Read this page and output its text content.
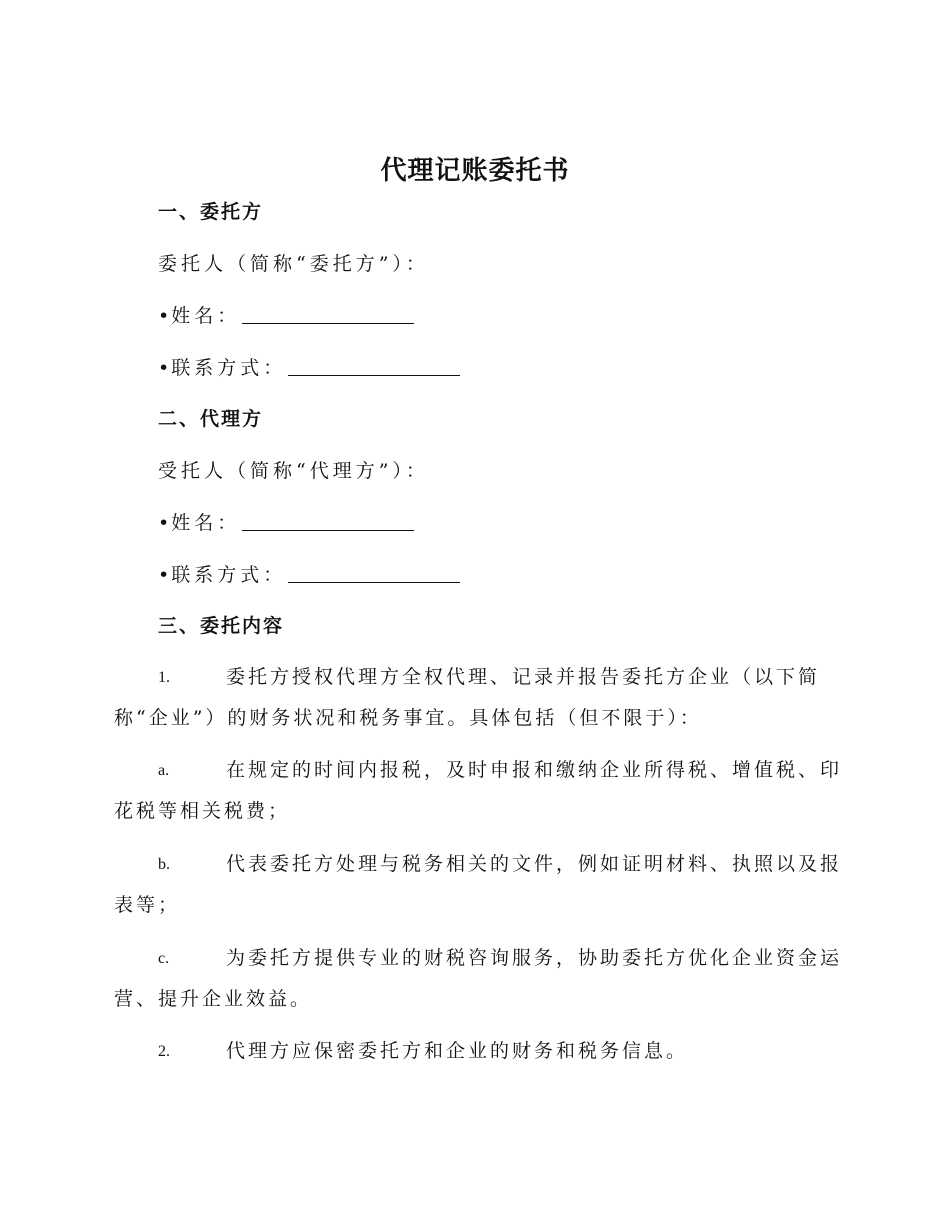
代理记账委托书
一、委托方
委托人（简称“委托方”）：
• 姓名：
• 联系方式：
二、代理方
受托人（简称“代理方”）：
• 姓名：
• 联系方式：
三、委托内容
1.	委托方授权代理方全权代理、记录并报告委托方企业（以下简
称“企业”）的财务状况和税务事宜。具体包括（但不限于）：
a.	在规定的时间内报税，及时申报和缴纳企业所得税、增值税、印
花税等相关税费；
b.	代表委托方处理与税务相关的文件，例如证明材料、执照以及报
表等；
c.	为委托方提供专业的财税咨询服务，协助委托方优化企业资金运
营、提升企业效益。
2.	代理方应保密委托方和企业的财务和税务信息。
